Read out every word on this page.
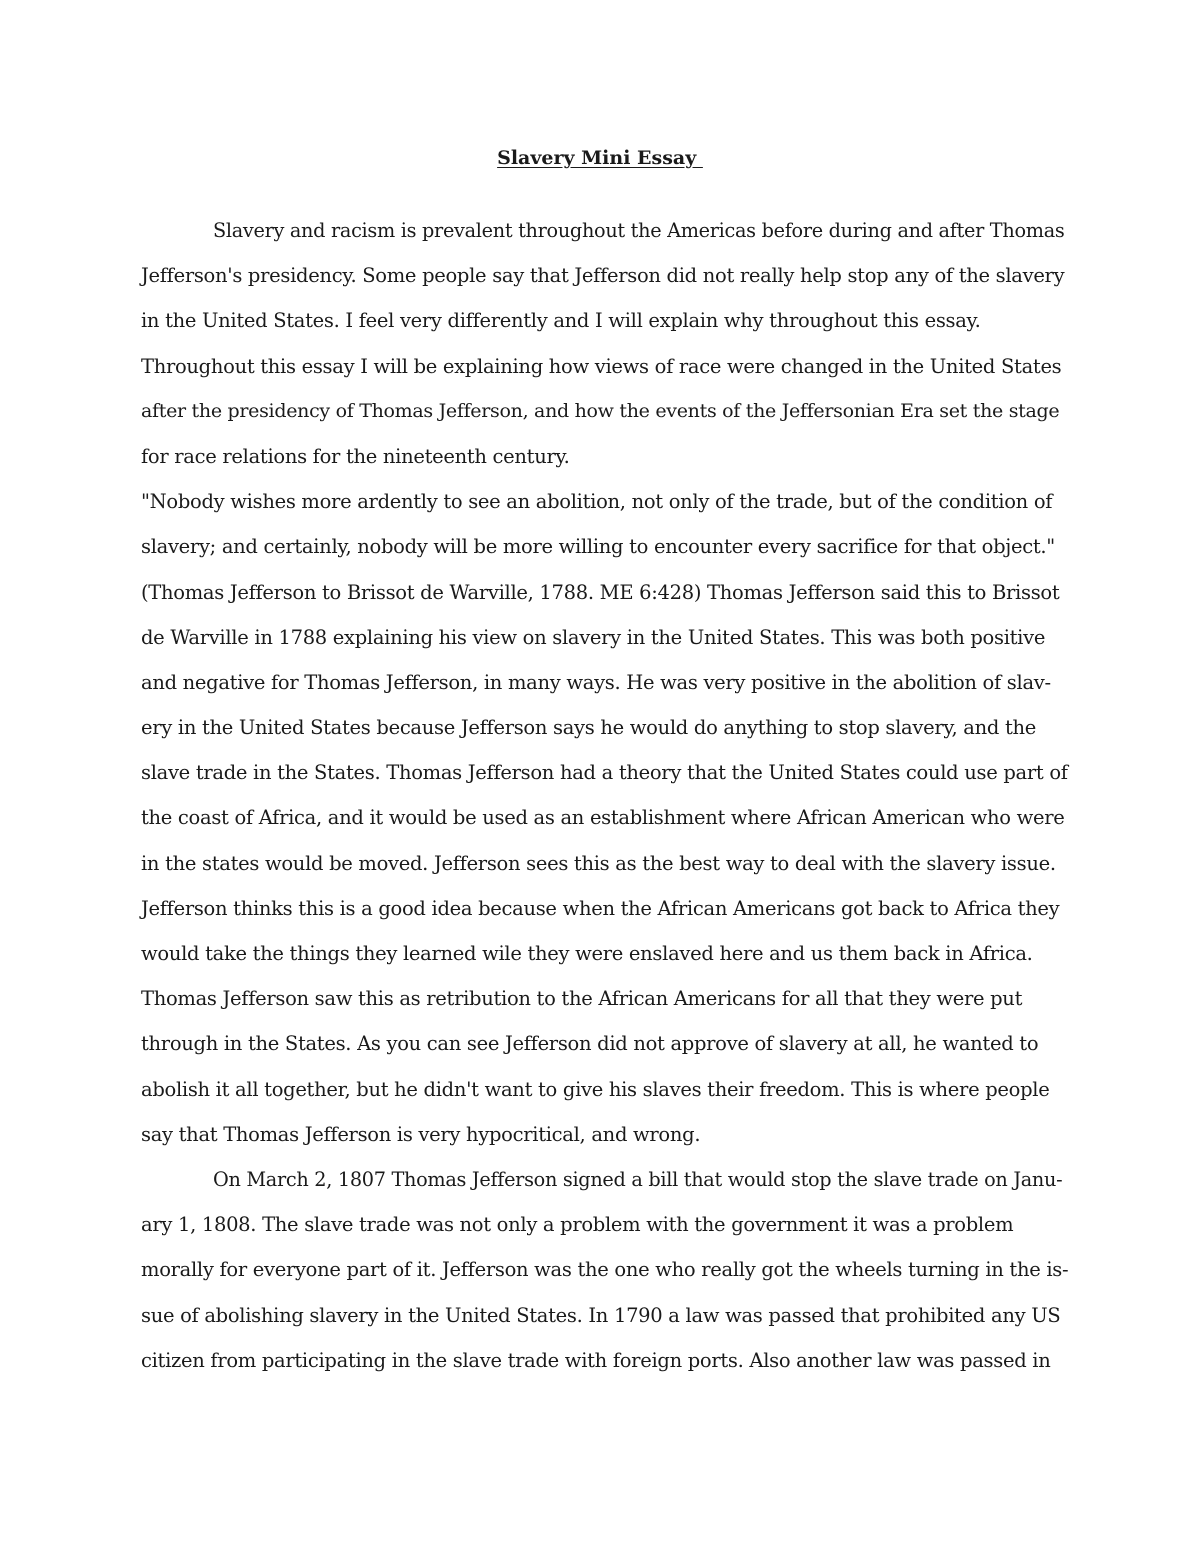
Slavery Mini Essay
Slavery and racism is prevalent throughout the Americas before during and after Thomas
Jefferson's presidency. Some people say that Jefferson did not really help stop any of the slavery
in the United States. I feel very differently and I will explain why throughout this essay.
Throughout this essay I will be explaining how views of race were changed in the United States
after the presidency of Thomas Jefferson, and how the events of the Jeffersonian Era set the stage
for race relations for the nineteenth century.
"Nobody wishes more ardently to see an abolition, not only of the trade, but of the condition of
slavery; and certainly, nobody will be more willing to encounter every sacrifice for that object."
(Thomas Jefferson to Brissot de Warville, 1788. ME 6:428) Thomas Jefferson said this to Brissot
de Warville in 1788 explaining his view on slavery in the United States. This was both positive
and negative for Thomas Jefferson, in many ways. He was very positive in the abolition of slav-
ery in the United States because Jefferson says he would do anything to stop slavery, and the
slave trade in the States. Thomas Jefferson had a theory that the United States could use part of
the coast of Africa, and it would be used as an establishment where African American who were
in the states would be moved. Jefferson sees this as the best way to deal with the slavery issue.
Jefferson thinks this is a good idea because when the African Americans got back to Africa they
would take the things they learned wile they were enslaved here and us them back in Africa.
Thomas Jefferson saw this as retribution to the African Americans for all that they were put
through in the States. As you can see Jefferson did not approve of slavery at all, he wanted to
abolish it all together, but he didn't want to give his slaves their freedom. This is where people
say that Thomas Jefferson is very hypocritical, and wrong.
On March 2, 1807 Thomas Jefferson signed a bill that would stop the slave trade on Janu-
ary 1, 1808. The slave trade was not only a problem with the government it was a problem
morally for everyone part of it. Jefferson was the one who really got the wheels turning in the is-
sue of abolishing slavery in the United States. In 1790 a law was passed that prohibited any US
citizen from participating in the slave trade with foreign ports. Also another law was passed in
